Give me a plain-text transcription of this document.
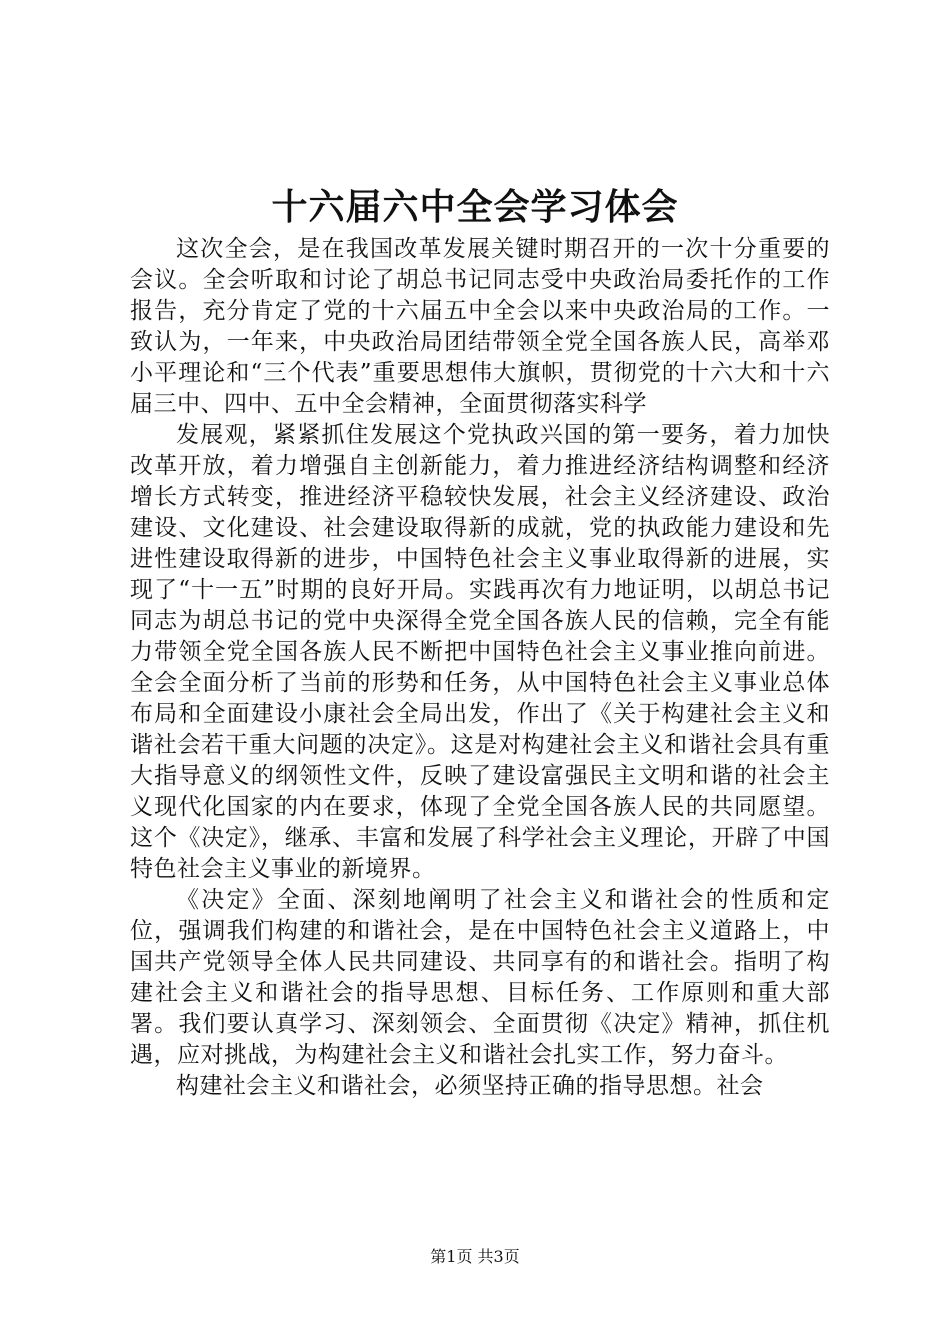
十六届六中全会学习体会

这次全会，是在我国改革发展关键时期召开的一次十分重要的会议。全会听取和讨论了胡总书记同志受中央政治局委托作的工作报告，充分肯定了党的十六届五中全会以来中央政治局的工作。一致认为，一年来，中央政治局团结带领全党全国各族人民，高举邓小平理论和“三个代表”重要思想伟大旗帜，贯彻党的十六大和十六届三中、四中、五中全会精神，全面贯彻落实科学

发展观，紧紧抓住发展这个党执政兴国的第一要务，着力加快改革开放，着力增强自主创新能力，着力推进经济结构调整和经济增长方式转变，推进经济平稳较快发展，社会主义经济建设、政治建设、文化建设、社会建设取得新的成就，党的执政能力建设和先进性建设取得新的进步，中国特色社会主义事业取得新的进展，实现了“十一五”时期的良好开局。实践再次有力地证明，以胡总书记同志为胡总书记的党中央深得全党全国各族人民的信赖，完全有能力带领全党全国各族人民不断把中国特色社会主义事业推向前进。全会全面分析了当前的形势和任务，从中国特色社会主义事业总体布局和全面建设小康社会全局出发，作出了《关于构建社会主义和谐社会若干重大问题的决定》。这是对构建社会主义和谐社会具有重大指导意义的纲领性文件，反映了建设富强民主文明和谐的社会主义现代化国家的内在要求，体现了全党全国各族人民的共同愿望。这个《决定》，继承、丰富和发展了科学社会主义理论，开辟了中国特色社会主义事业的新境界。

《决定》全面、深刻地阐明了社会主义和谐社会的性质和定位，强调我们构建的和谐社会，是在中国特色社会主义道路上，中国共产党领导全体人民共同建设、共同享有的和谐社会。指明了构建社会主义和谐社会的指导思想、目标任务、工作原则和重大部署。我们要认真学习、深刻领会、全面贯彻《决定》精神，抓住机遇，应对挑战，为构建社会主义和谐社会扎实工作，努力奋斗。

构建社会主义和谐社会，必须坚持正确的指导思想。社会

第1页 共3页
